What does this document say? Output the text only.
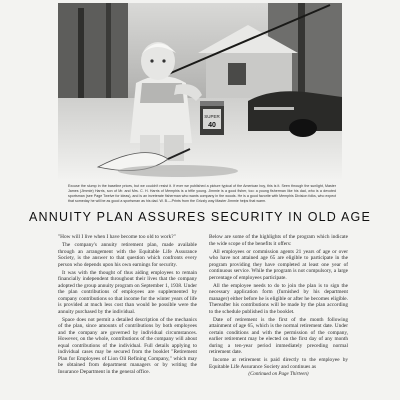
SUPER
40
Excuse the slump in the baseline prices, but we couldn't resist it. If ever we published a picture typical of the American boy, this is it. Seen through the sunlight, Master James (Jimmie) Harris, son of Mr. and Mrs. C. H. Harris of Memphis is a trifle young. Jimmie is a good fisher, too: a young fisherman like his dad, who is a devoted sportsman (see Page Twelve for ideas), and is an inveterate fisherman who wants company in the woods. He is a good favorite with Memphis Division folks, who expect that someday he will be as good a sportsman as his dad. W. B.—Prints from the Grizzly way Master Jimmie helps that warm.
ANNUITY PLAN ASSURES SECURITY IN OLD AGE

"How will I live when I have become too old to work?"

The company's annuity retirement plan, made available through an arrangement with the Equitable Life Assurance Society, is the answer to that question which confronts every person who depends upon his own earnings for security.

It was with the thought of thus aiding employees to remain financially independent throughout their lives that the company adopted the group annuity program on September 1, 1938. Under the plan contributions of employees are supplemented by company contributions so that income for the winter years of life is provided at much less cost than would be possible were the annuity purchased by the individual.

Space does not permit a detailed description of the mechanics of the plan, since amounts of contributions by both employees and the company are governed by individual circumstances. However, on the whole, contributions of the company will about equal contributions of the individual. Full details applying to individual cases may be secured from the booklet "Retirement Plan for Employees of Lion Oil Refining Company," which may be obtained from department managers or by writing the Insurance Department in the general office.

Below are some of the highlights of the program which indicate the wide scope of the benefits it offers:

All employees or commission agents 21 years of age or over who have not attained age 65 are eligible to participate in the program providing they have completed at least one year of continuous service. While the program is not compulsory, a large percentage of employees participate.

All the employee needs to do to join the plan is to sign the necessary application form (furnished by his department manager) either before he is eligible or after he becomes eligible. Thereafter his contributions will be made by the plan according to the schedule published in the booklet.

Date of retirement is the first of the month following attainment of age 65, which is the normal retirement date. Under certain conditions and with the permission of the company, earlier retirement may be elected on the first day of any month during a ten-year period immediately preceding normal retirement date.

Income at retirement is paid directly to the employee by Equitable Life Assurance Society and continues as

(Continued on Page Thirteen)
